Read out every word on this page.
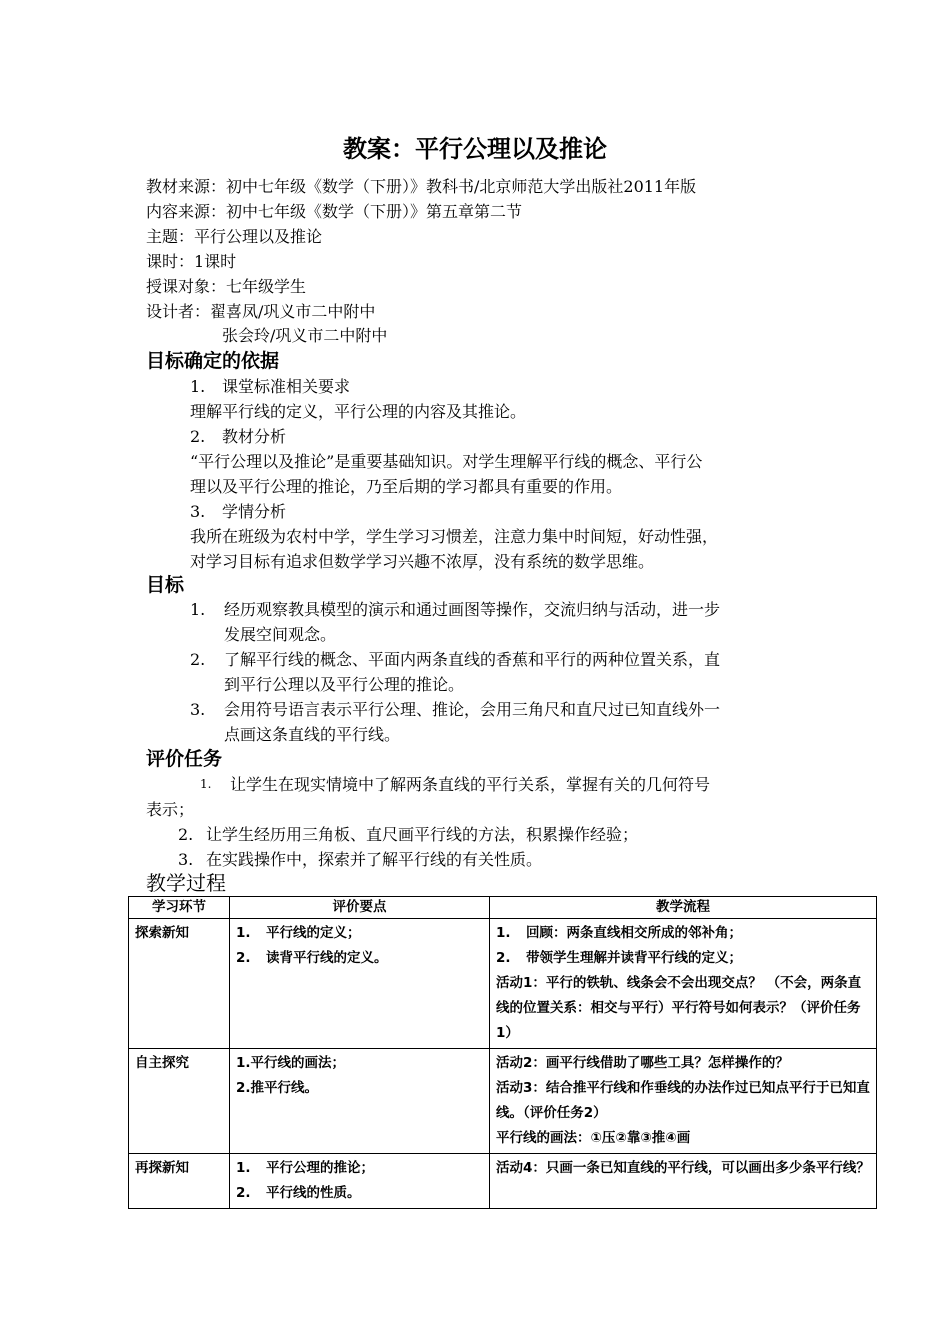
教案：平行公理以及推论
教材来源：初中七年级《数学（下册）》教科书/北京师范大学出版社2011年版
内容来源：初中七年级《数学（下册）》第五章第二节
主题：平行公理以及推论
课时：1课时
授课对象：七年级学生
设计者：翟喜凤/巩义市二中附中
张会玲/巩义市二中附中
目标确定的依据
1. 课堂标准相关要求
理解平行线的定义，平行公理的内容及其推论。
2. 教材分析
“平行公理以及推论”是重要基础知识。对学生理解平行线的概念、平行公
理以及平行公理的推论，乃至后期的学习都具有重要的作用。
3. 学情分析
我所在班级为农村中学，学生学习习惯差，注意力集中时间短，好动性强，
对学习目标有追求但数学学习兴趣不浓厚，没有系统的数学思维。
目标
1. 经历观察教具模型的演示和通过画图等操作，交流归纳与活动，进一步
发展空间观念。
2. 了解平行线的概念、平面内两条直线的香蕉和平行的两种位置关系，直
到平行公理以及平行公理的推论。
3. 会用符号语言表示平行公理、推论，会用三角尺和直尺过已知直线外一
点画这条直线的平行线。
评价任务
1. 让学生在现实情境中了解两条直线的平行关系，掌握有关的几何符号
表示；
2. 让学生经历用三角板、直尺画平行线的方法，积累操作经验；
3. 在实践操作中，探索并了解平行线的有关性质。
教学过程
学习环节	评价要点	教学流程
探索新知	1. 平行线的定义；
2. 读背平行线的定义。	1. 回顾：两条直线相交所成的邻补角；
2. 带领学生理解并读背平行线的定义；
活动1：平行的铁轨、线条会不会出现交点？ （不会，两条直线的位置关系：相交与平行）平行符号如何表示？（评价任务1）

自主探究	1.平行线的画法；
2.推平行线。	活动2：画平行线借助了哪些工具？怎样操作的？
活动3：结合推平行线和作垂线的办法作过已知点平行于已知直线。（评价任务2）
平行线的画法：①压②靠③推④画

再探新知	1. 平行公理的推论；
2. 平行线的性质。	活动4：只画一条已知直线的平行线，可以画出多少条平行线？
